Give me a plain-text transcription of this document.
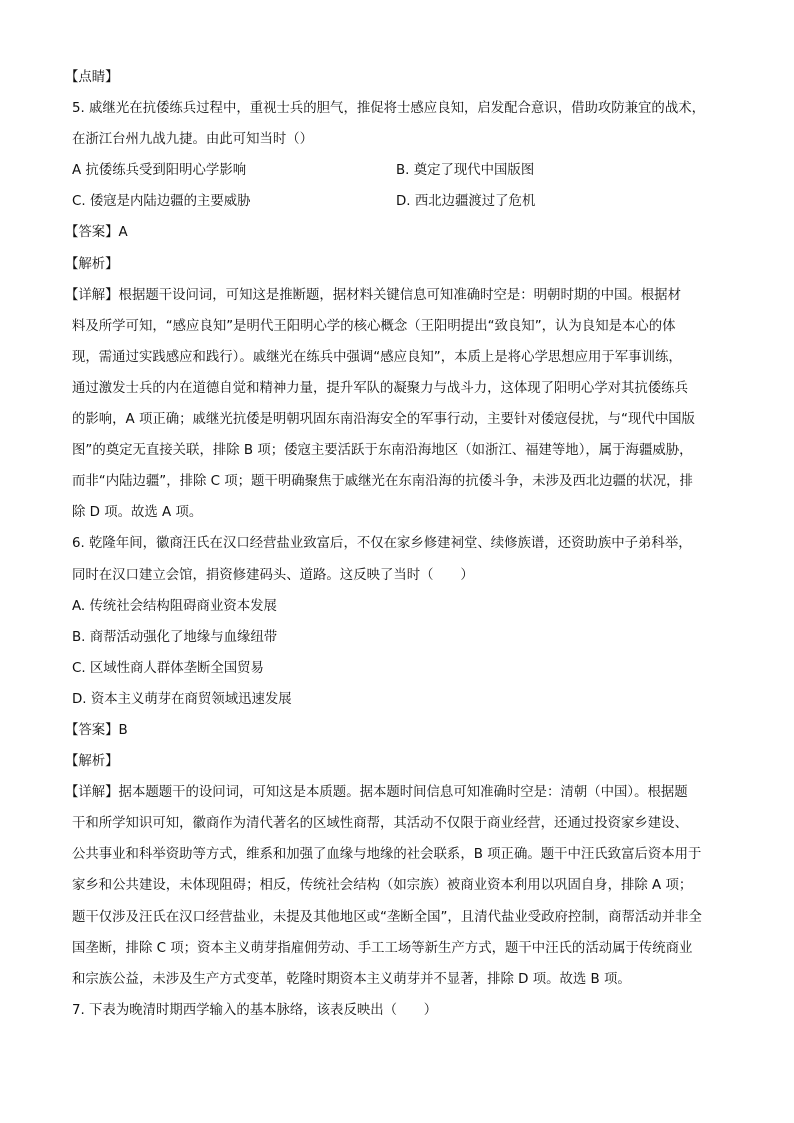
【点睛】
5. 戚继光在抗倭练兵过程中，重视士兵的胆气，推促将士感应良知，启发配合意识，借助攻防兼宜的战术，
在浙江台州九战九捷。由此可知当时（）
A 抗倭练兵受到阳明心学影响	B. 奠定了现代中国版图
C. 倭寇是内陆边疆的主要威胁	D. 西北边疆渡过了危机
【答案】A
【解析】
【详解】根据题干设问词，可知这是推断题，据材料关键信息可知准确时空是：明朝时期的中国。根据材
料及所学可知，“感应良知”是明代王阳明心学的核心概念（王阳明提出“致良知”，认为良知是本心的体
现，需通过实践感应和践行）。戚继光在练兵中强调“感应良知”，本质上是将心学思想应用于军事训练，
通过激发士兵的内在道德自觉和精神力量，提升军队的凝聚力与战斗力，这体现了阳明心学对其抗倭练兵
的影响，A 项正确；戚继光抗倭是明朝巩固东南沿海安全的军事行动，主要针对倭寇侵扰，与“现代中国版
图”的奠定无直接关联，排除 B 项；倭寇主要活跃于东南沿海地区（如浙江、福建等地），属于海疆威胁，
而非“内陆边疆”，排除 C 项；题干明确聚焦于戚继光在东南沿海的抗倭斗争，未涉及西北边疆的状况，排
除 D 项。故选 A 项。
6. 乾隆年间，徽商汪氏在汉口经营盐业致富后，不仅在家乡修建祠堂、续修族谱，还资助族中子弟科举，
同时在汉口建立会馆，捐资修建码头、道路。这反映了当时（　　）
A. 传统社会结构阻碍商业资本发展
B. 商帮活动强化了地缘与血缘纽带
C. 区域性商人群体垄断全国贸易
D. 资本主义萌芽在商贸领域迅速发展
【答案】B
【解析】
【详解】据本题题干的设问词，可知这是本质题。据本题时间信息可知准确时空是：清朝（中国）。根据题
干和所学知识可知，徽商作为清代著名的区域性商帮，其活动不仅限于商业经营，还通过投资家乡建设、
公共事业和科举资助等方式，维系和加强了血缘与地缘的社会联系，B 项正确。题干中汪氏致富后资本用于
家乡和公共建设，未体现阻碍；相反，传统社会结构（如宗族）被商业资本利用以巩固自身，排除 A 项；
题干仅涉及汪氏在汉口经营盐业，未提及其他地区或“垄断全国”，且清代盐业受政府控制，商帮活动并非全
国垄断，排除 C 项；资本主义萌芽指雇佣劳动、手工工场等新生产方式，题干中汪氏的活动属于传统商业
和宗族公益，未涉及生产方式变革，乾隆时期资本主义萌芽并不显著，排除 D 项。故选 B 项。
7. 下表为晚清时期西学输入的基本脉络，该表反映出（　　）
